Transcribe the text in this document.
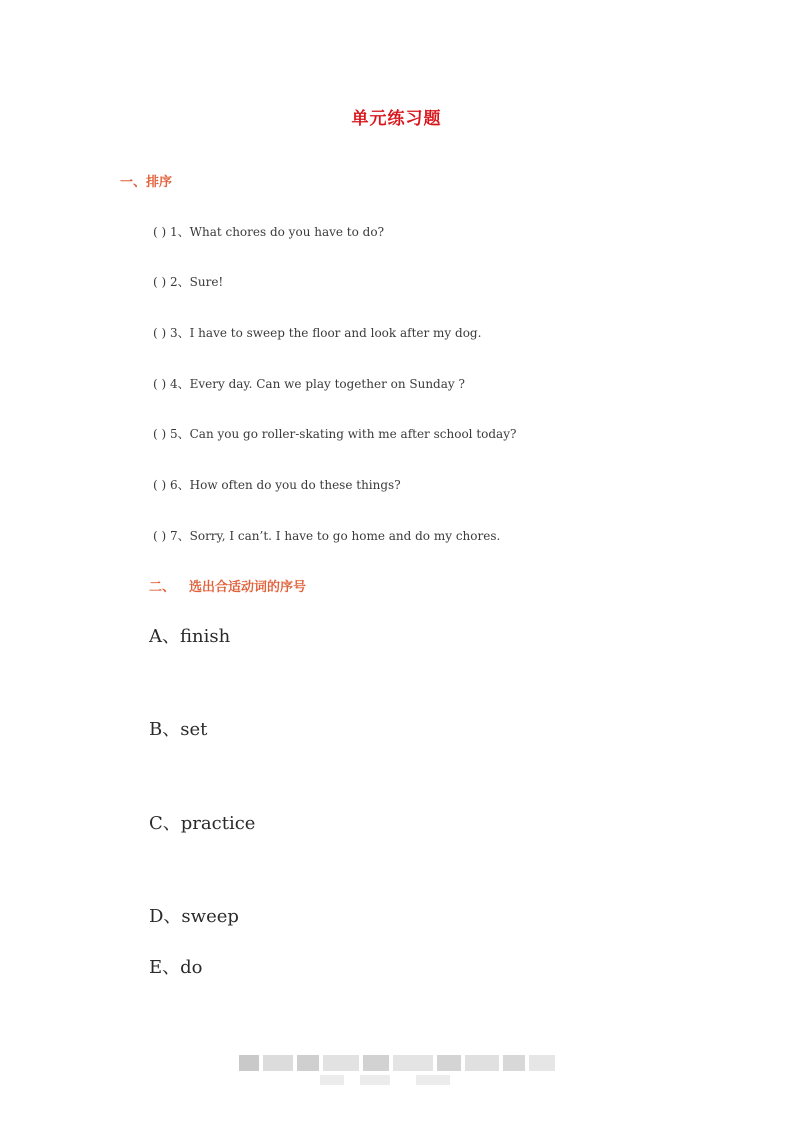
单元练习题
一、排序
( ) 1、What chores do you have to do?
( ) 2、Sure!
( ) 3、I have to sweep the floor and look after my dog.
( ) 4、Every day. Can we play together on Sunday ?
( ) 5、Can you go roller-skating with me after school today?
( ) 6、How often do you do these things?
( ) 7、Sorry, I can’t. I have to go home and do my chores.
二、 选出合适动词的序号
A、finish
B、set
C、practice
D、sweep
E、do
